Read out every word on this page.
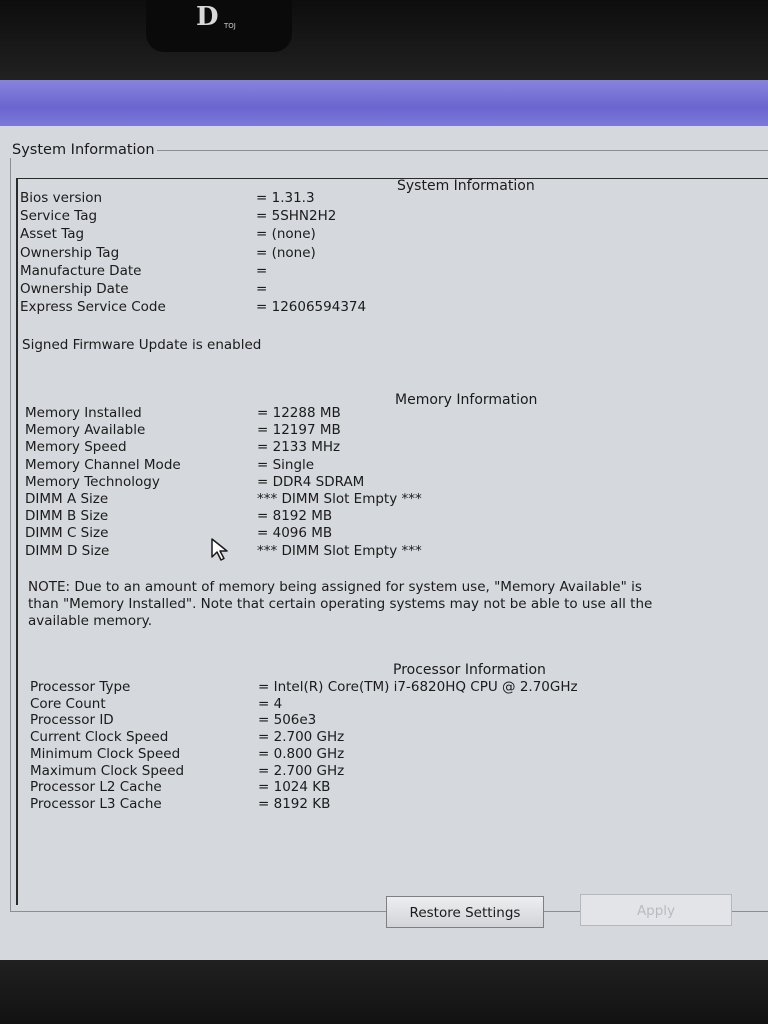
D TOJ
System Information
System Information
Bios version	= 1.31.3
Service Tag	= 5SHN2H2
Asset Tag	= (none)
Ownership Tag	= (none)
Manufacture Date	=
Ownership Date	=
Express Service Code	= 12606594374
Signed Firmware Update is enabled
Memory Information
Memory Installed	= 12288 MB
Memory Available	= 12197 MB
Memory Speed	= 2133 MHz
Memory Channel Mode	= Single
Memory Technology	= DDR4 SDRAM
DIMM A Size	*** DIMM Slot Empty ***
DIMM B Size	= 8192 MB
DIMM C Size	= 4096 MB
DIMM D Size	*** DIMM Slot Empty ***
NOTE: Due to an amount of memory being assigned for system use, "Memory Available" is
than "Memory Installed". Note that certain operating systems may not be able to use all the
available memory.
Processor Information
Processor Type	= Intel(R) Core(TM) i7-6820HQ CPU @ 2.70GHz
Core Count	= 4
Processor ID	= 506e3
Current Clock Speed	= 2.700 GHz
Minimum Clock Speed	= 0.800 GHz
Maximum Clock Speed	= 2.700 GHz
Processor L2 Cache	= 1024 KB
Processor L3 Cache	= 8192 KB
Restore Settings	Apply
